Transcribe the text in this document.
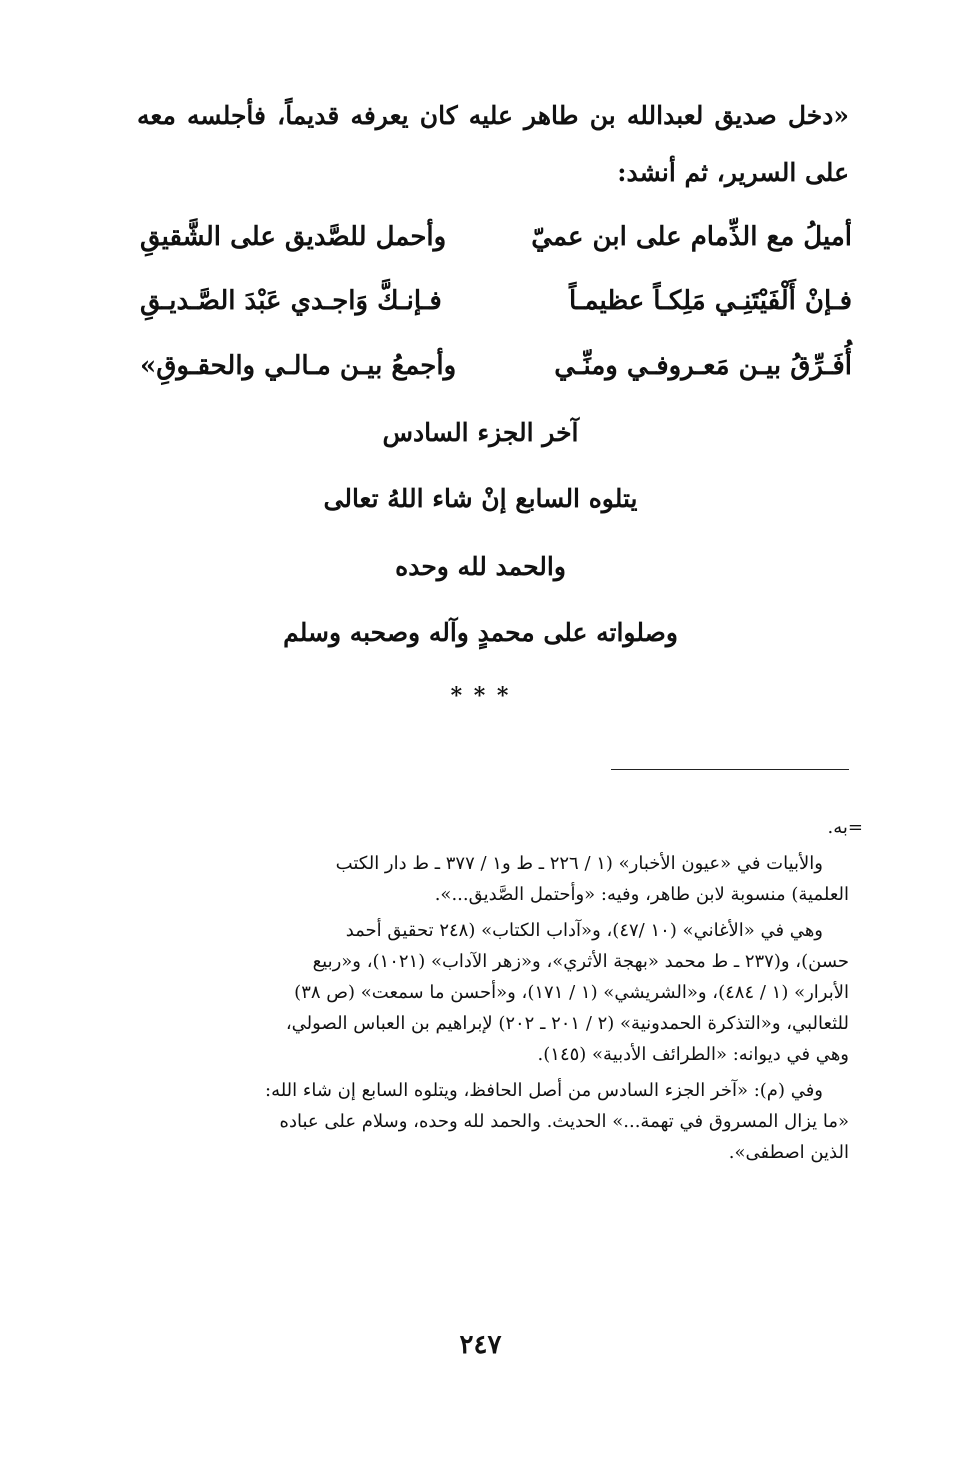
«دخل صديق لعبدالله بن طاهر عليه كان يعرفه قديماً، فأجلسه معه

على السرير، ثم أنشد:

أميلُ مع الذِّمام على ابن عميّ
وأحمل للصَّديق على الشَّقيقِ
فـإنْ أَلْفَيْتَنِـي مَلِكـاً عظيمـاً
فـإنـكَّ وَاجـدي عَبْدَ الصَّـديـقِ
أُفَـرِّقُ بيـن مَعـروفـي ومنِّـي
وأجمعُ بيـن مـالـي والحقـوقِ»
آخر الجزء السادس
يتلوه السابع إنْ شاء اللهُ تعالى
والحمد لله وحده
وصلواته على محمدٍ وآله وصحبه وسلم
* * *

=به.

والأبيات في «عيون الأخبار» (١ / ٢٢٦ ـ ط و١ / ٣٧٧ ـ ط دار الكتب

العلمية) منسوبة لابن طاهر، وفيه: «وأحتمل الصَّديق...».

وهي في «الأغاني» (١٠ /٤٧)، و«آداب الكتاب» (٢٤٨ تحقيق أحمد

حسن)، و(٢٣٧ ـ ط محمد «بهجة الأثري»، و«زهر الآداب» (١٠٢١)، و«ربيع

الأبرار» (١ / ٤٨٤)، و«الشريشي» (١ / ١٧١)، و«أحسن ما سمعت» (ص ٣٨)

للثعالبي، و«التذكرة الحمدونية» (٢ / ٢٠١ ـ ٢٠٢) لإبراهيم بن العباس الصولي،

وهي في ديوانه: «الطرائف الأدبية» (١٤٥).

وفي (م): «آخر الجزء السادس من أصل الحافظ، ويتلوه السابع إن شاء الله:

«ما يزال المسروق في تهمة...» الحديث. والحمد لله وحده، وسلام على عباده

الذين اصطفى».

٢٤٧
